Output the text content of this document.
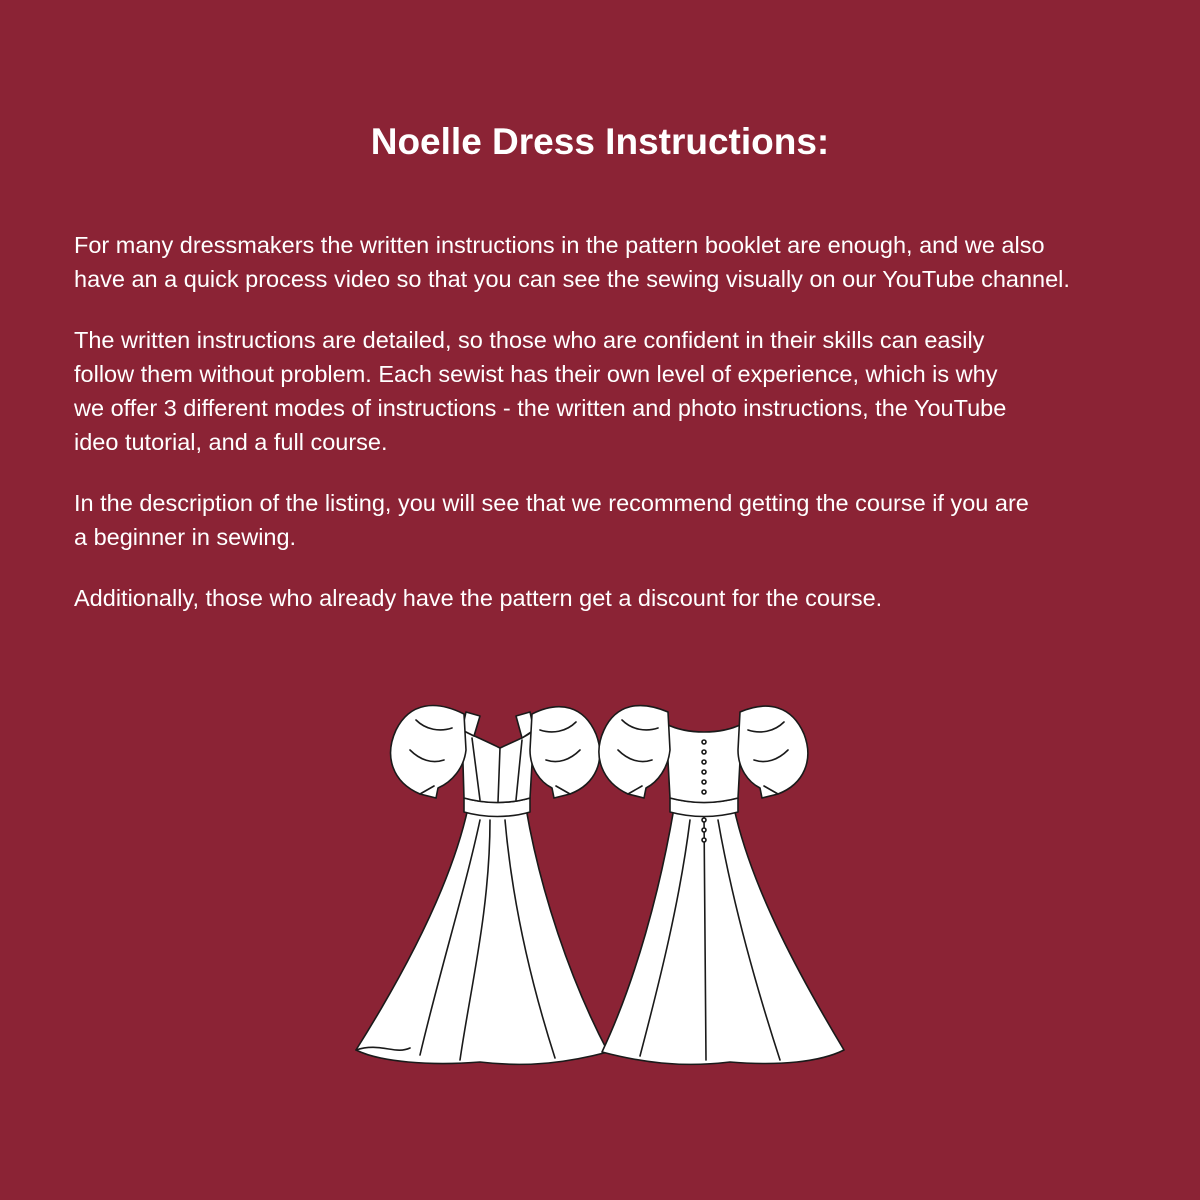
Noelle Dress Instructions:

For many dressmakers the written instructions in the pattern booklet are enough, and we also
have an a quick process video so that you can see the sewing visually on our YouTube channel.

The written instructions are detailed, so those who are confident in their skills can easily
follow them without problem. Each sewist has their own level of experience, which is why
we offer 3 different modes of instructions - the written and photo instructions, the YouTube
ideo tutorial, and a full course.

In the description of the listing, you will see that we recommend getting the course if you are
a beginner in sewing.

Additionally, those who already have the pattern get a discount for the course.
